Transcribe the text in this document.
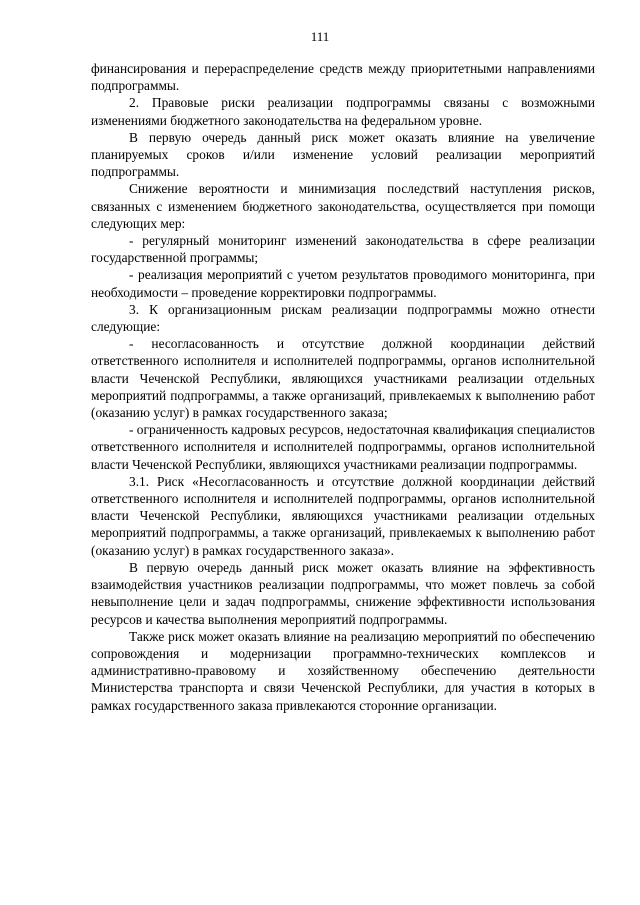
111

финансирования и перераспределение средств между приоритетными направлениями подпрограммы.

2. Правовые риски реализации подпрограммы связаны с возможными изменениями бюджетного законодательства на федеральном уровне.

В первую очередь данный риск может оказать влияние на увеличение планируемых сроков и/или изменение условий реализации мероприятий подпрограммы.

Снижение вероятности и минимизация последствий наступления рисков, связанных с изменением бюджетного законодательства, осуществляется при помощи следующих мер:

- регулярный мониторинг изменений законодательства в сфере реализации государственной программы;

- реализация мероприятий с учетом результатов проводимого мониторинга, при необходимости – проведение корректировки подпрограммы.

3. К организационным рискам реализации подпрограммы можно отнести следующие:

- несогласованность и отсутствие должной координации действий ответственного исполнителя и исполнителей подпрограммы, органов исполнительной власти Чеченской Республики, являющихся участниками реализации отдельных мероприятий подпрограммы, а также организаций, привлекаемых к выполнению работ (оказанию услуг) в рамках государственного заказа;

- ограниченность кадровых ресурсов, недостаточная квалификация специалистов ответственного исполнителя и исполнителей подпрограммы, органов исполнительной власти Чеченской Республики, являющихся участниками реализации подпрограммы.

3.1. Риск «Несогласованность и отсутствие должной координации действий ответственного исполнителя и исполнителей подпрограммы, органов исполнительной власти Чеченской Республики, являющихся участниками реализации отдельных мероприятий подпрограммы, а также организаций, привлекаемых к выполнению работ (оказанию услуг) в рамках государственного заказа».

В первую очередь данный риск может оказать влияние на эффективность взаимодействия участников реализации подпрограммы, что может повлечь за собой невыполнение цели и задач подпрограммы, снижение эффективности использования ресурсов и качества выполнения мероприятий подпрограммы.

Также риск может оказать влияние на реализацию мероприятий по обеспечению сопровождения и модернизации программно-технических комплексов и административно-правовому и хозяйственному обеспечению деятельности Министерства транспорта и связи Чеченской Республики, для участия в которых в рамках государственного заказа привлекаются сторонние организации.
